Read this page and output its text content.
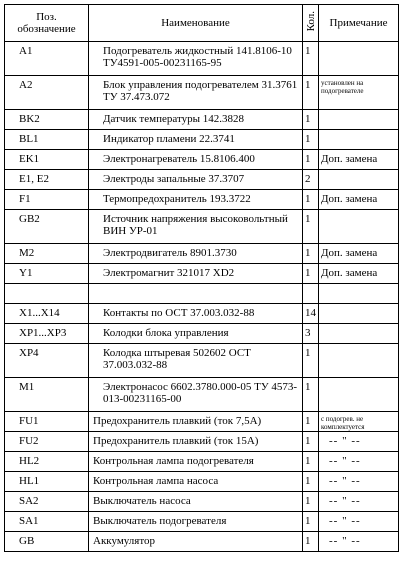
Поз. обозначение	Наименование	Кол.	Примечание
A1	Подогреватель жидкостный 141.8106-10 ТУ4591-005-00231165-95	1	
A2	Блок управления подогревателем 31.3761 ТУ 37.473.072	1	установлен на подогревателе

BK2	Датчик температуры 142.3828	1	
BL1	Индикатор пламени 22.3741	1	
EK1	Электронагреватель 15.8106.400	1	Доп. замена
E1, E2	Электроды запальные 37.3707	2	
F1	Термопредохранитель 193.3722	1	Доп. замена
GB2	Источник напряжения высоковольтный ВИН УР-01	1	
M2	Электродвигатель 8901.3730	1	Доп. замена
Y1	Электромагнит 321017 XD2	1	Доп. замена

X1...X14	Контакты по ОСТ 37.003.032-88	14	
XP1...XP3	Колодки блока управления	3	
XP4	Колодка штыревая 502602 ОСТ 37.003.032-88	1	
M1	Электронасос 6602.3780.000-05 ТУ 4573-013-00231165-00	1	
FU1	Предохранитель плавкий (ток 7,5А)	1	с подогрев. не комплектуется

FU2	Предохранитель плавкий (ток 15А)	1	-- " --

HL2	Контрольная лампа подогревателя	1	-- " --

HL1	Контрольная лампа насоса	1	-- " --

SA2	Выключатель насоса	1	-- " --

SA1	Выключатель подогревателя	1	-- " --

GB	Аккумулятор	1	-- " --
